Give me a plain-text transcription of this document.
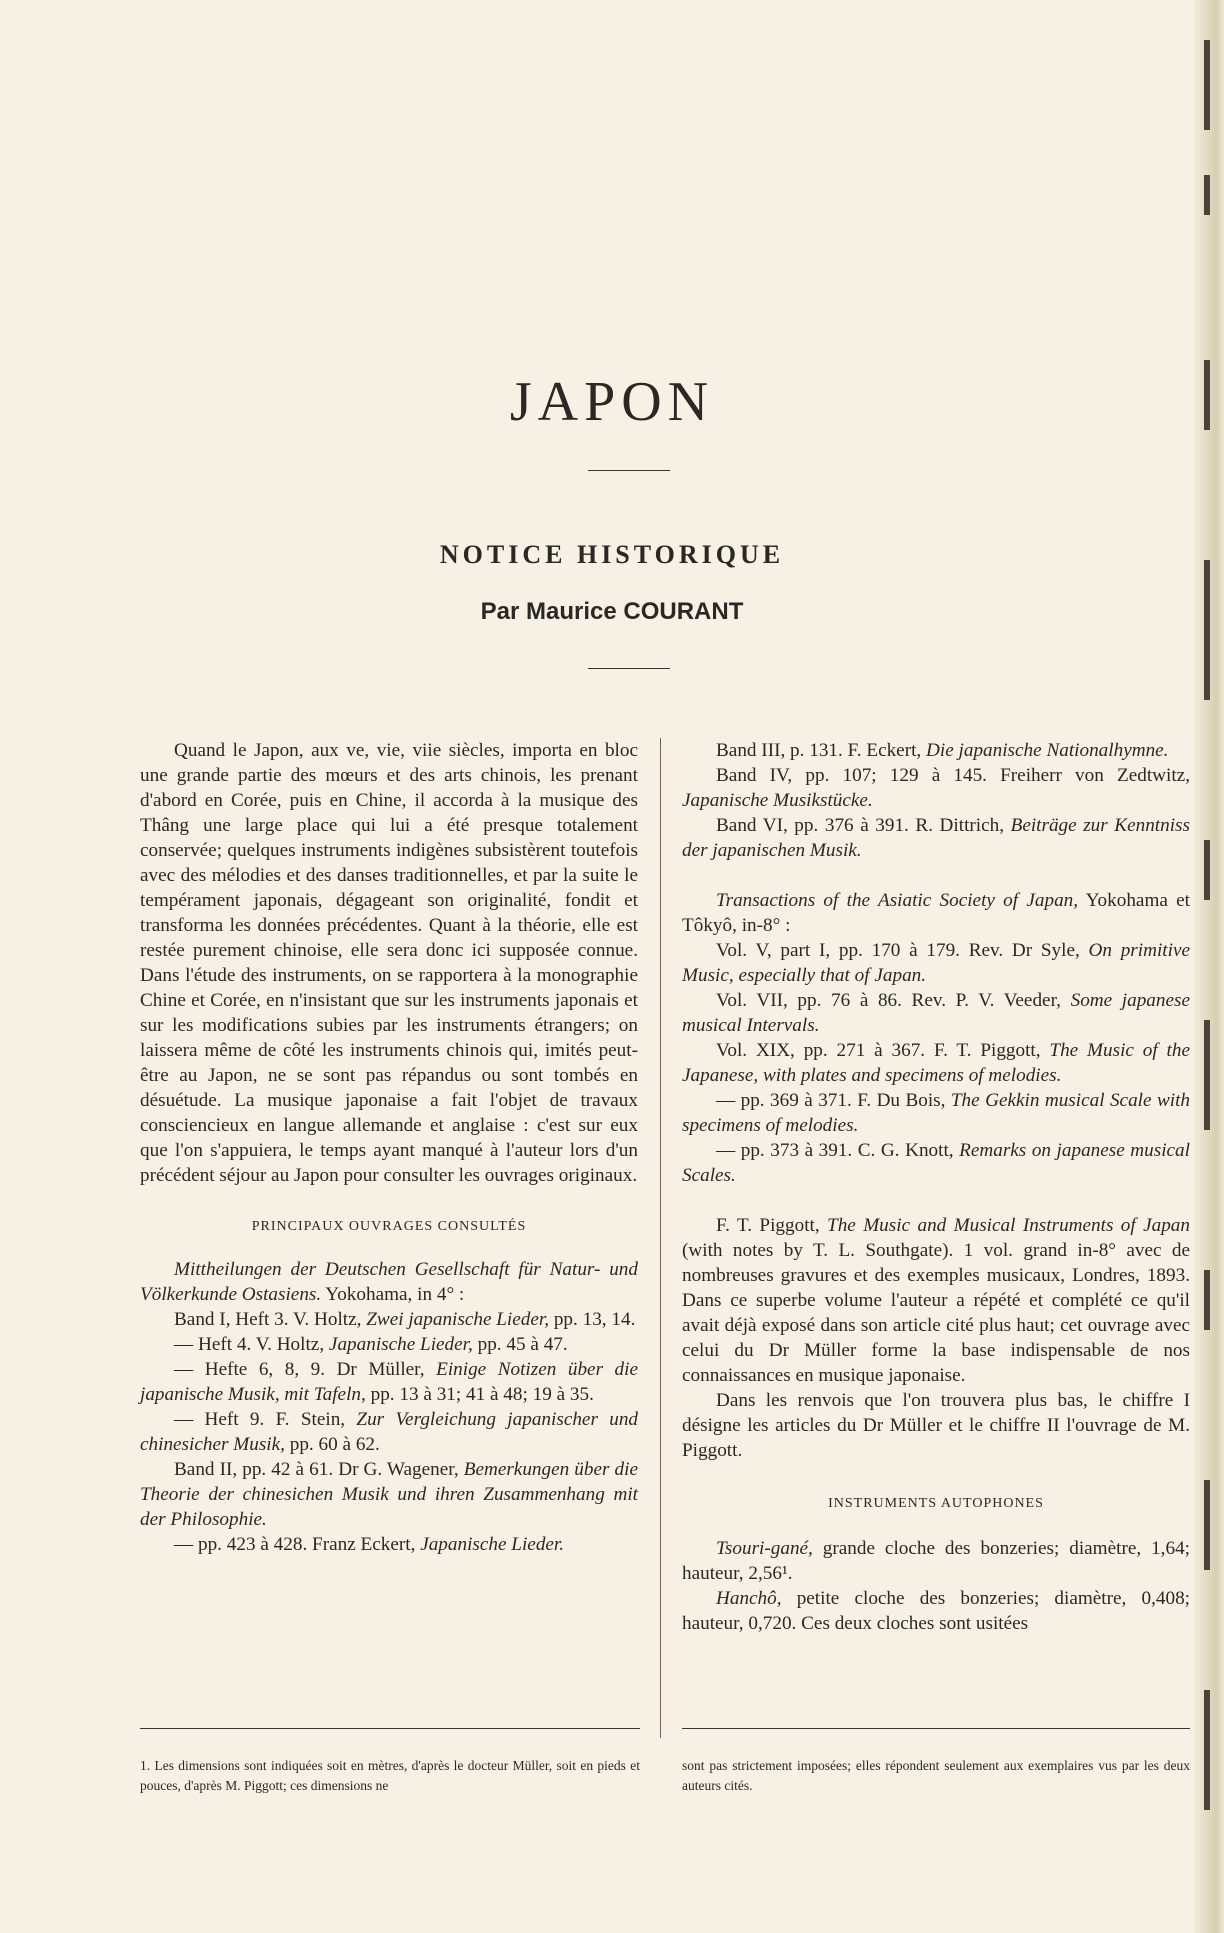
JAPON
NOTICE HISTORIQUE

Par Maurice COURANT

Quand le Japon, aux ve, vie, viie siècles, importa en bloc une grande partie des mœurs et des arts chinois, les prenant d'abord en Corée, puis en Chine, il accorda à la musique des Thâng une large place qui lui a été presque totalement conservée; quelques instruments indigènes subsistèrent toutefois avec des mélodies et des danses traditionnelles, et par la suite le tempérament japonais, dégageant son originalité, fondit et transforma les données précédentes. Quant à la théorie, elle est restée purement chinoise, elle sera donc ici supposée connue. Dans l'étude des instruments, on se rapportera à la monographie Chine et Corée, en n'insistant que sur les instruments japonais et sur les modifications subies par les instruments étrangers; on laissera même de côté les instruments chinois qui, imités peut-être au Japon, ne se sont pas répandus ou sont tombés en désuétude. La musique japonaise a fait l'objet de travaux consciencieux en langue allemande et anglaise : c'est sur eux que l'on s'appuiera, le temps ayant manqué à l'auteur lors d'un précédent séjour au Japon pour consulter les ouvrages originaux.

PRINCIPAUX OUVRAGES CONSULTÉS

Mittheilungen der Deutschen Gesellschaft für Natur- und Völkerkunde Ostasiens. Yokohama, in 4° :

Band I, Heft 3. V. Holtz, Zwei japanische Lieder, pp. 13, 14.

— Heft 4. V. Holtz, Japanische Lieder, pp. 45 à 47.

— Hefte 6, 8, 9. Dr Müller, Einige Notizen über die japanische Musik, mit Tafeln, pp. 13 à 31; 41 à 48; 19 à 35.

— Heft 9. F. Stein, Zur Vergleichung japanischer und chinesicher Musik, pp. 60 à 62.

Band II, pp. 42 à 61. Dr G. Wagener, Bemerkungen über die Theorie der chinesichen Musik und ihren Zusammenhang mit der Philosophie.

— pp. 423 à 428. Franz Eckert, Japanische Lieder.

Band III, p. 131. F. Eckert, Die japanische Nationalhymne.

Band IV, pp. 107; 129 à 145. Freiherr von Zedtwitz, Japanische Musikstücke.

Band VI, pp. 376 à 391. R. Dittrich, Beiträge zur Kenntniss der japanischen Musik.

Transactions of the Asiatic Society of Japan, Yokohama et Tôkyô, in-8° :

Vol. V, part I, pp. 170 à 179. Rev. Dr Syle, On primitive Music, especially that of Japan.

Vol. VII, pp. 76 à 86. Rev. P. V. Veeder, Some japanese musical Intervals.

Vol. XIX, pp. 271 à 367. F. T. Piggott, The Music of the Japanese, with plates and specimens of melodies.

— pp. 369 à 371. F. Du Bois, The Gekkin musical Scale with specimens of melodies.

— pp. 373 à 391. C. G. Knott, Remarks on japanese musical Scales.

F. T. Piggott, The Music and Musical Instruments of Japan (with notes by T. L. Southgate). 1 vol. grand in-8° avec de nombreuses gravures et des exemples musicaux, Londres, 1893. Dans ce superbe volume l'auteur a répété et complété ce qu'il avait déjà exposé dans son article cité plus haut; cet ouvrage avec celui du Dr Müller forme la base indispensable de nos connaissances en musique japonaise.

Dans les renvois que l'on trouvera plus bas, le chiffre I désigne les articles du Dr Müller et le chiffre II l'ouvrage de M. Piggott.

INSTRUMENTS AUTOPHONES

Tsouri-gané, grande cloche des bonzeries; diamètre, 1,64; hauteur, 2,56¹.

Hanchô, petite cloche des bonzeries; diamètre, 0,408; hauteur, 0,720. Ces deux cloches sont usitées

1. Les dimensions sont indiquées soit en mètres, d'après le docteur Müller, soit en pieds et pouces, d'après M. Piggott; ces dimensions ne

sont pas strictement imposées; elles répondent seulement aux exemplaires vus par les deux auteurs cités.
